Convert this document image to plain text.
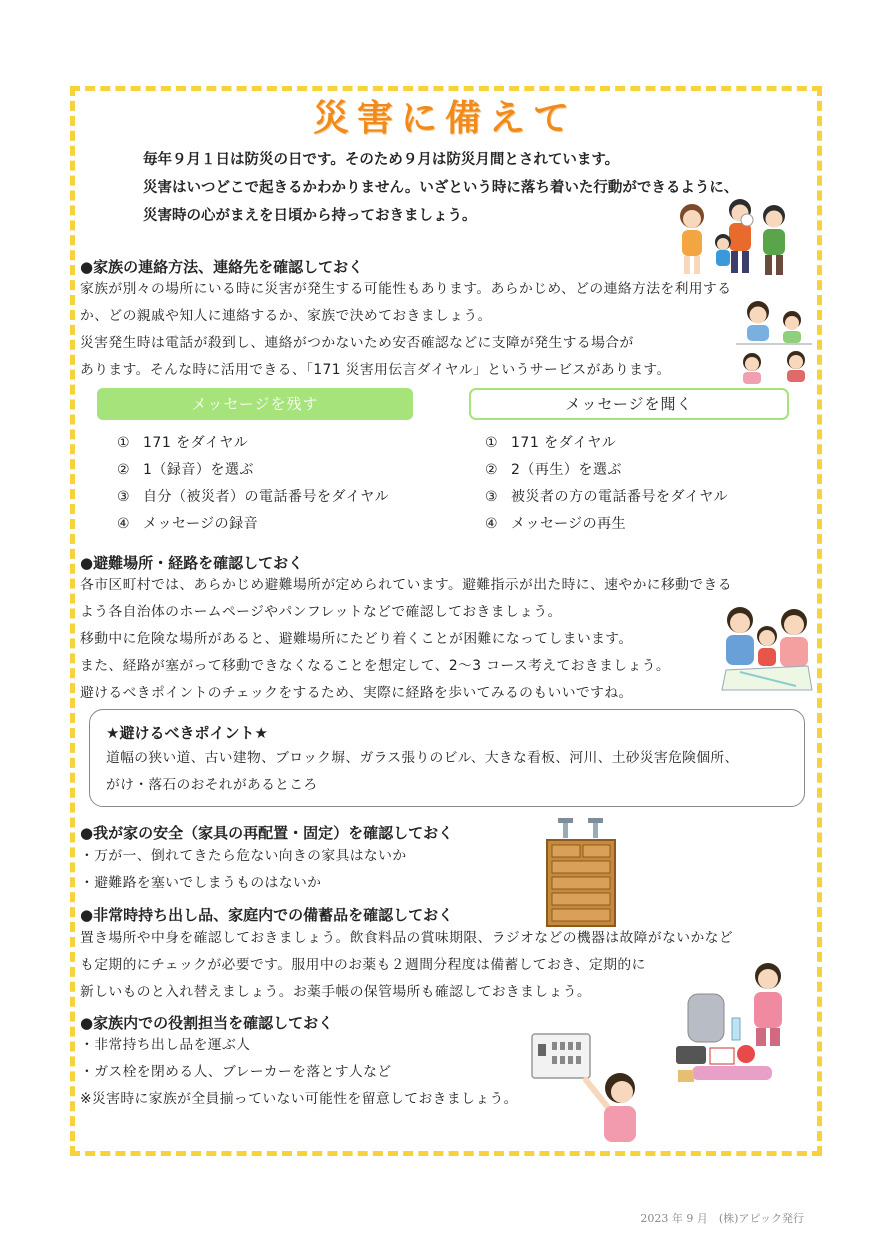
災害に備えて
毎年９月１日は防災の日です。そのため９月は防災月間とされています。
災害はいつどこで起きるかわかりません。いざという時に落ち着いた行動ができるように、
災害時の心がまえを日頃から持っておきましょう。
●家族の連絡方法、連絡先を確認しておく

家族が別々の場所にいる時に災害が発生する可能性もあります。あらかじめ、どの連絡方法を利用する

か、どの親戚や知人に連絡するか、家族で決めておきましょう。

災害発生時は電話が殺到し、連絡がつかないため安否確認などに支障が発生する場合が

あります。そんな時に活用できる、「171 災害用伝言ダイヤル」というサービスがあります。

メッセージを残す	メッセージを聞く
① 171 をダイヤル
② 1（録音）を選ぶ
③ 自分（被災者）の電話番号をダイヤル
④ メッセージの録音
① 171 をダイヤル
② 2（再生）を選ぶ
③ 被災者の方の電話番号をダイヤル
④ メッセージの再生
●避難場所・経路を確認しておく

各市区町村では、あらかじめ避難場所が定められています。避難指示が出た時に、速やかに移動できる

よう各自治体のホームページやパンフレットなどで確認しておきましょう。

移動中に危険な場所があると、避難場所にたどり着くことが困難になってしまいます。

また、経路が塞がって移動できなくなることを想定して、2～3 コース考えておきましょう。

避けるべきポイントのチェックをするため、実際に経路を歩いてみるのもいいですね。

★避けるべきポイント★
道幅の狭い道、古い建物、ブロック塀、ガラス張りのビル、大きな看板、河川、土砂災害危険個所、
がけ・落石のおそれがあるところ
●我が家の安全（家具の再配置・固定）を確認しておく

・万が一、倒れてきたら危ない向きの家具はないか

・避難路を塞いでしまうものはないか

●非常時持ち出し品、家庭内での備蓄品を確認しておく

置き場所や中身を確認しておきましょう。飲食料品の賞味期限、ラジオなどの機器は故障がないかなど

も定期的にチェックが必要です。服用中のお薬も２週間分程度は備蓄しておき、定期的に

新しいものと入れ替えましょう。お薬手帳の保管場所も確認しておきましょう。

●家族内での役割担当を確認しておく

・非常持ち出し品を運ぶ人

・ガス栓を閉める人、ブレーカーを落とす人など

※災害時に家族が全員揃っていない可能性を留意しておきましょう。

2023 年 9 月　(株)アピック発行
